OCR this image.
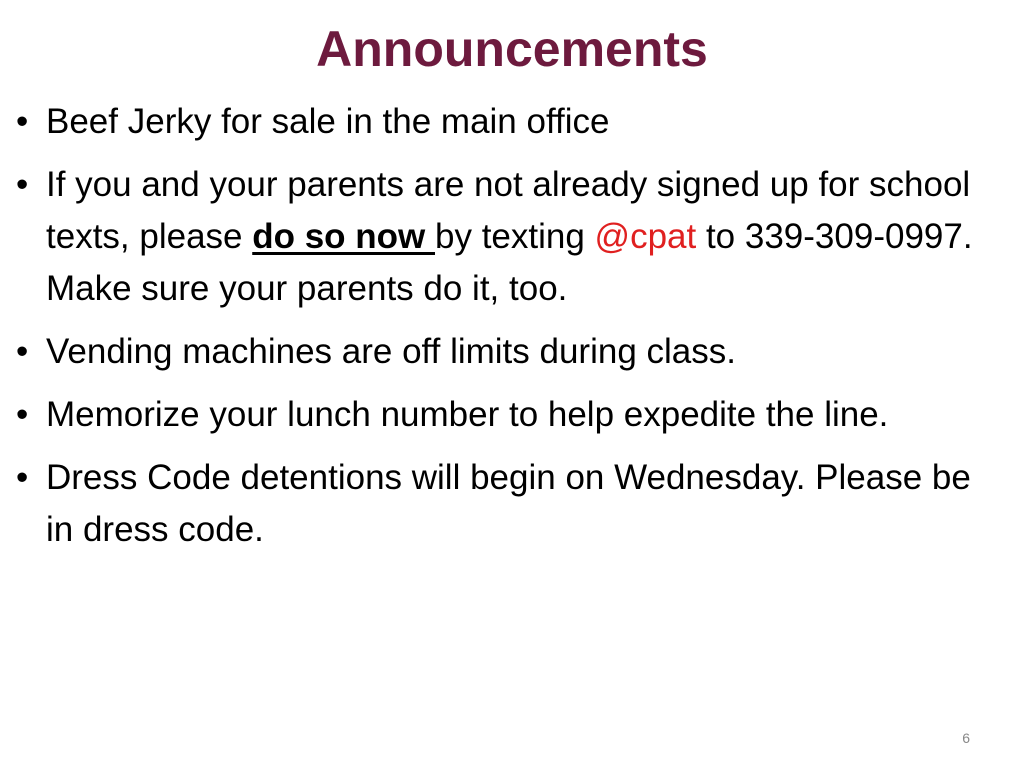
Announcements
• Beef Jerky for sale in the main office
• If you and your parents are not already signed up for school texts, please do so now by texting @cpat to 339-309-0997. Make sure your parents do it, too.
• Vending machines are off limits during class.
• Memorize your lunch number to help expedite the line.
• Dress Code detentions will begin on Wednesday. Please be in dress code.
6
